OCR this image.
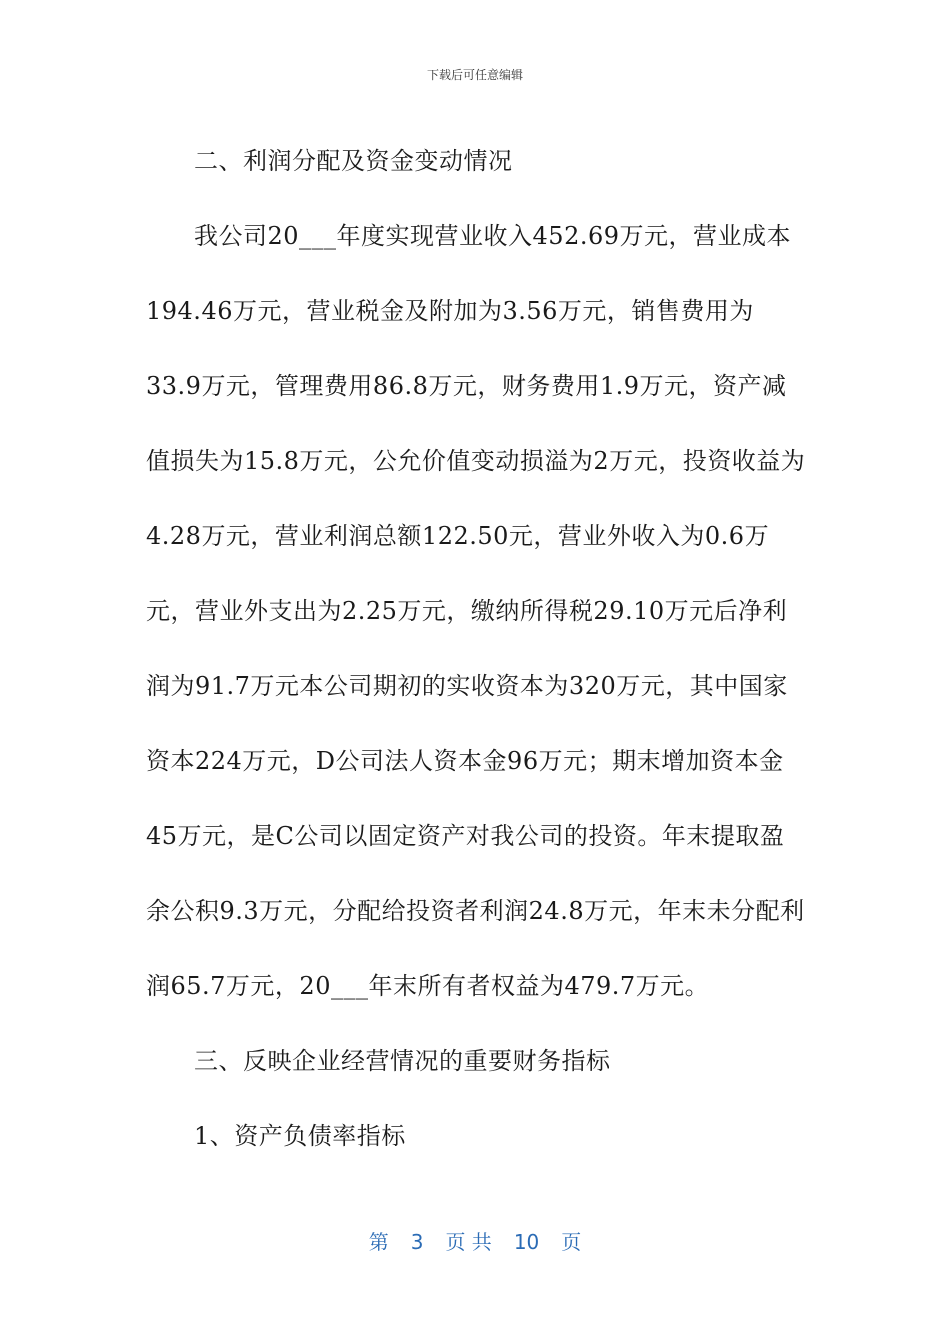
下载后可任意编辑

二、利润分配及资金变动情况

我公司20___年度实现营业收入452.69万元，营业成本194.46万元，营业税金及附加为3.56万元，销售费用为33.9万元，管理费用86.8万元，财务费用1.9万元，资产减值损失为15.8万元，公允价值变动损溢为2万元，投资收益为4.28万元，营业利润总额122.50元，营业外收入为0.6万元，营业外支出为2.25万元，缴纳所得税29.10万元后净利润为91.7万元本公司期初的实收资本为320万元，其中国家资本224万元，D公司法人资本金96万元；期末增加资本金45万元，是C公司以固定资产对我公司的投资。年末提取盈余公积9.3万元，分配给投资者利润24.8万元，年末未分配利润65.7万元，20___年末所有者权益为479.7万元。

三、反映企业经营情况的重要财务指标

1、资产负债率指标

第 3 页 共 10 页
